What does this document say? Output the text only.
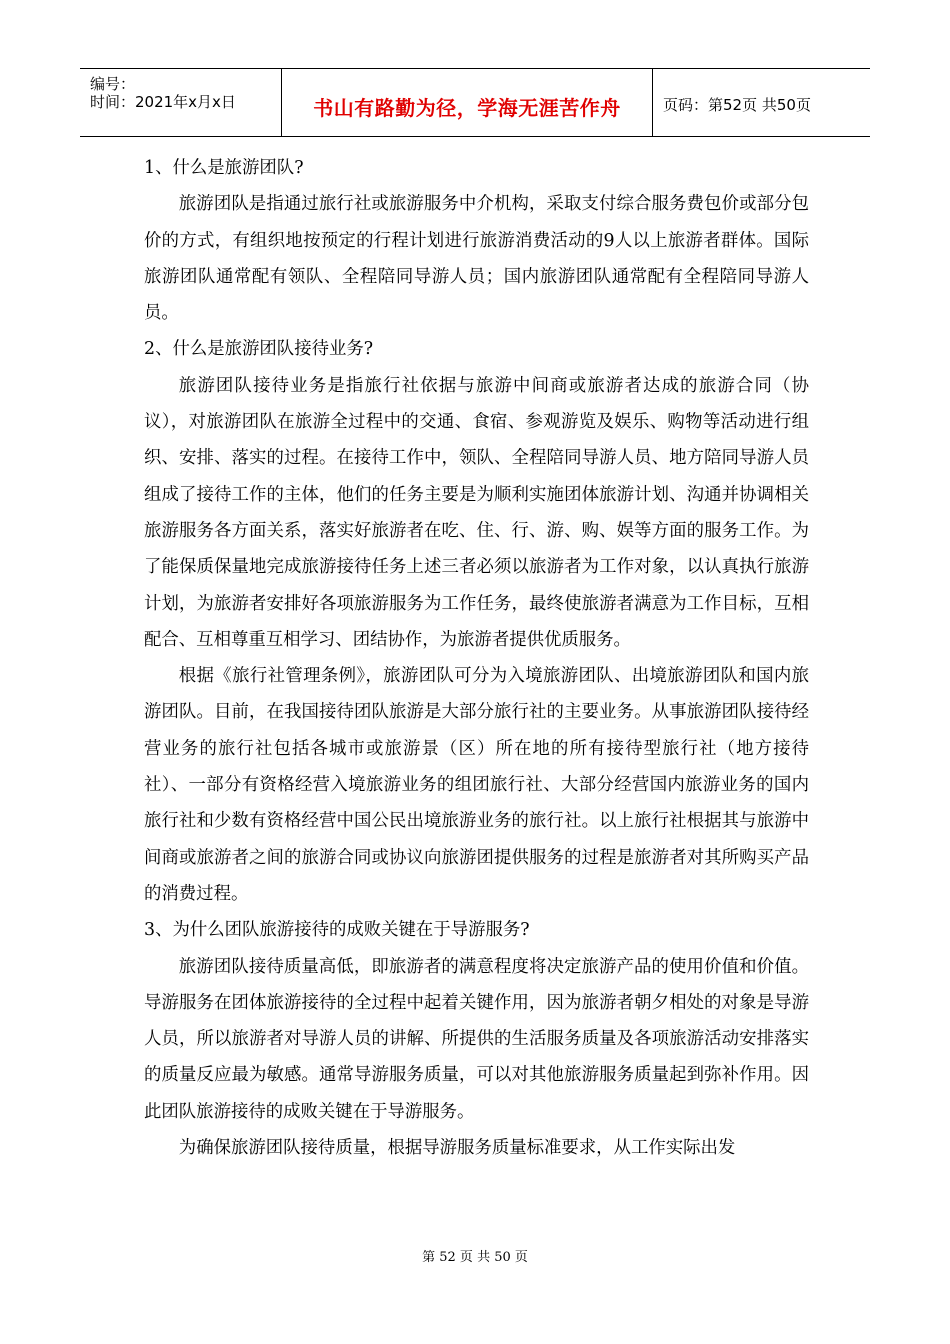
编号：
时间：2021年x月x日	书山有路勤为径，学海无涯苦作舟	页码：第52页 共50页

1、什么是旅游团队?

旅游团队是指通过旅行社或旅游服务中介机构，采取支付综合服务费包价或部分包价的方式，有组织地按预定的行程计划进行旅游消费活动的9人以上旅游者群体。国际旅游团队通常配有领队、全程陪同导游人员；国内旅游团队通常配有全程陪同导游人员。

2、什么是旅游团队接待业务?

旅游团队接待业务是指旅行社依据与旅游中间商或旅游者达成的旅游合同（协议），对旅游团队在旅游全过程中的交通、食宿、参观游览及娱乐、购物等活动进行组织、安排、落实的过程。在接待工作中，领队、全程陪同导游人员、地方陪同导游人员组成了接待工作的主体，他们的任务主要是为顺利实施团体旅游计划、沟通并协调相关旅游服务各方面关系，落实好旅游者在吃、住、行、游、购、娱等方面的服务工作。为了能保质保量地完成旅游接待任务上述三者必须以旅游者为工作对象，以认真执行旅游计划，为旅游者安排好各项旅游服务为工作任务，最终使旅游者满意为工作目标，互相配合、互相尊重互相学习、团结协作，为旅游者提供优质服务。

根据《旅行社管理条例》，旅游团队可分为入境旅游团队、出境旅游团队和国内旅游团队。目前，在我国接待团队旅游是大部分旅行社的主要业务。从事旅游团队接待经营业务的旅行社包括各城市或旅游景（区）所在地的所有接待型旅行社（地方接待社）、一部分有资格经营入境旅游业务的组团旅行社、大部分经营国内旅游业务的国内旅行社和少数有资格经营中国公民出境旅游业务的旅行社。以上旅行社根据其与旅游中间商或旅游者之间的旅游合同或协议向旅游团提供服务的过程是旅游者对其所购买产品的消费过程。

3、为什么团队旅游接待的成败关键在于导游服务?

旅游团队接待质量高低，即旅游者的满意程度将决定旅游产品的使用价值和价值。导游服务在团体旅游接待的全过程中起着关键作用，因为旅游者朝夕相处的对象是导游人员，所以旅游者对导游人员的讲解、所提供的生活服务质量及各项旅游活动安排落实的质量反应最为敏感。通常导游服务质量，可以对其他旅游服务质量起到弥补作用。因此团队旅游接待的成败关键在于导游服务。

为确保旅游团队接待质量，根据导游服务质量标准要求，从工作实际出发

第 52 页 共 50 页
